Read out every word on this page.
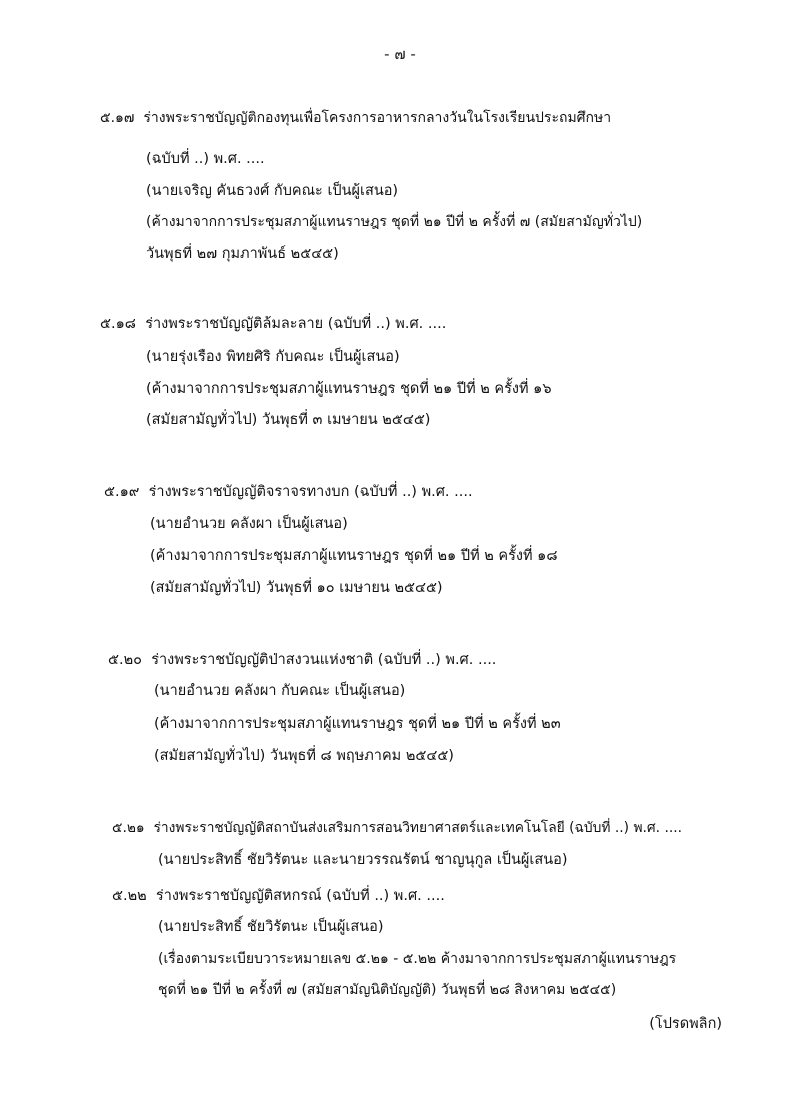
- ๗ -
๕.๑๗ ร่างพระราชบัญญัติกองทุนเพื่อโครงการอาหารกลางวันในโรงเรียนประถมศึกษา
(ฉบับที่ ..) พ.ศ. ....
(นายเจริญ คันธวงศ์ กับคณะ เป็นผู้เสนอ)
(ค้างมาจากการประชุมสภาผู้แทนราษฎร ชุดที่ ๒๑ ปีที่ ๒ ครั้งที่ ๗ (สมัยสามัญทั่วไป)
วันพุธที่ ๒๗ กุมภาพันธ์ ๒๕๔๕)
๕.๑๘ ร่างพระราชบัญญัติล้มละลาย (ฉบับที่ ..) พ.ศ. ....
(นายรุ่งเรือง พิทยศิริ กับคณะ เป็นผู้เสนอ)
(ค้างมาจากการประชุมสภาผู้แทนราษฎร ชุดที่ ๒๑ ปีที่ ๒ ครั้งที่ ๑๖
(สมัยสามัญทั่วไป) วันพุธที่ ๓ เมษายน ๒๕๔๕)
๕.๑๙ ร่างพระราชบัญญัติจราจรทางบก (ฉบับที่ ..) พ.ศ. ....
(นายอำนวย คลังผา เป็นผู้เสนอ)
(ค้างมาจากการประชุมสภาผู้แทนราษฎร ชุดที่ ๒๑ ปีที่ ๒ ครั้งที่ ๑๘
(สมัยสามัญทั่วไป) วันพุธที่ ๑๐ เมษายน ๒๕๔๕)
๕.๒๐ ร่างพระราชบัญญัติป่าสงวนแห่งชาติ (ฉบับที่ ..) พ.ศ. ....
(นายอำนวย คลังผา กับคณะ เป็นผู้เสนอ)
(ค้างมาจากการประชุมสภาผู้แทนราษฎร ชุดที่ ๒๑ ปีที่ ๒ ครั้งที่ ๒๓
(สมัยสามัญทั่วไป) วันพุธที่ ๘ พฤษภาคม ๒๕๔๕)
๕.๒๑ ร่างพระราชบัญญัติสถาบันส่งเสริมการสอนวิทยาศาสตร์และเทคโนโลยี (ฉบับที่ ..) พ.ศ. ....
(นายประสิทธิ์ ชัยวิรัตนะ และนายวรรณรัตน์ ชาญนุกูล เป็นผู้เสนอ)
๕.๒๒ ร่างพระราชบัญญัติสหกรณ์ (ฉบับที่ ..) พ.ศ. ....
(นายประสิทธิ์ ชัยวิรัตนะ เป็นผู้เสนอ)
(เรื่องตามระเบียบวาระหมายเลข ๕.๒๑ - ๕.๒๒ ค้างมาจากการประชุมสภาผู้แทนราษฎร
ชุดที่ ๒๑ ปีที่ ๒ ครั้งที่ ๗ (สมัยสามัญนิติบัญญัติ) วันพุธที่ ๒๘ สิงหาคม ๒๕๔๕)
(โปรดพลิก)
